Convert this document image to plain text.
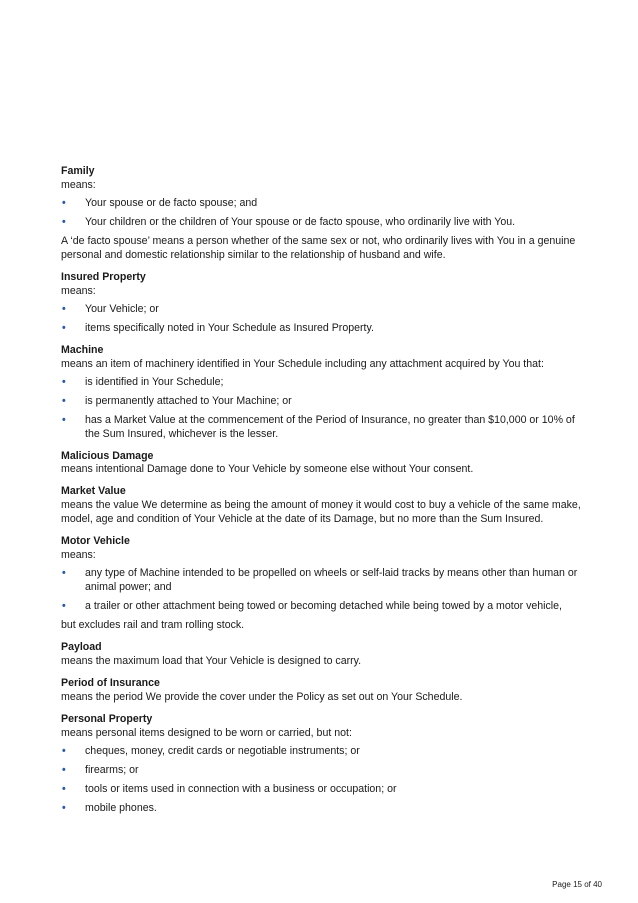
Family
means:
• Your spouse or de facto spouse; and
• Your children or the children of Your spouse or de facto spouse, who ordinarily live with You.
A ‘de facto spouse’ means a person whether of the same sex or not, who ordinarily lives with You in a genuine personal and domestic relationship similar to the relationship of husband and wife.
Insured Property
means:
• Your Vehicle; or
• items specifically noted in Your Schedule as Insured Property.
Machine
means an item of machinery identified in Your Schedule including any attachment acquired by You that:
• is identified in Your Schedule;
• is permanently attached to Your Machine; or
• has a Market Value at the commencement of the Period of Insurance, no greater than $10,000 or 10% of the Sum Insured, whichever is the lesser.
Malicious Damage
means intentional Damage done to Your Vehicle by someone else without Your consent.
Market Value
means the value We determine as being the amount of money it would cost to buy a vehicle of the same make, model, age and condition of Your Vehicle at the date of its Damage, but no more than the Sum Insured.
Motor Vehicle
means:
• any type of Machine intended to be propelled on wheels or self-laid tracks by means other than human or animal power; and
• a trailer or other attachment being towed or becoming detached while being towed by a motor vehicle,
but excludes rail and tram rolling stock.
Payload
means the maximum load that Your Vehicle is designed to carry.
Period of Insurance
means the period We provide the cover under the Policy as set out on Your Schedule.
Personal Property
means personal items designed to be worn or carried, but not:
• cheques, money, credit cards or negotiable instruments; or
• firearms; or
• tools or items used in connection with a business or occupation; or
• mobile phones.
Page 15 of 40
